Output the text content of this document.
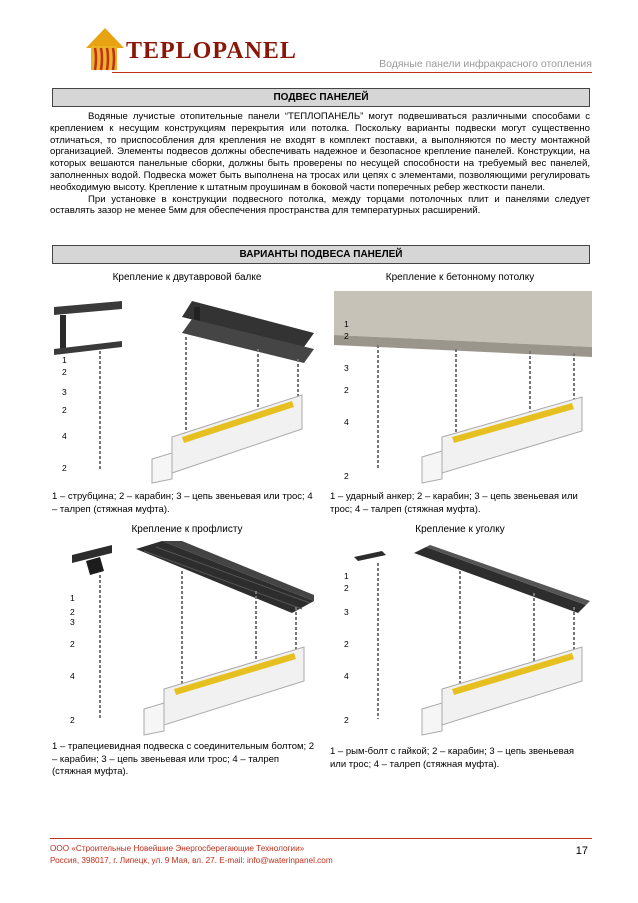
TEPLOPANEL	Водяные панели инфракрасного отопления
ПОДВЕС ПАНЕЛЕЙ

Водяные лучистые отопительные панели “ТЕПЛОПАНЕЛЬ” могут подвешиваться различными способами с креплением к несущим конструкциям перекрытия или потолка. Поскольку варианты подвески могут существенно отличаться, то приспособления для крепления не входят в комплект поставки, а выполняются по месту монтажной организацией. Элементы подвесов должны обеспечивать надежное и безопасное крепление панелей. Конструкции, на которых вешаются панельные сборки, должны быть проверены по несущей способности на требуемый вес панелей, заполненных водой. Подвеска может быть выполнена на тросах или цепях с элементами, позволяющими регулировать необходимую высоту. Крепление к штатным проушинам в боковой части поперечных ребер жесткости панели.

При установке в конструкции подвесного потолка, между торцами потолочных плит и панелями следует оставлять зазор не менее 5мм для обеспечения пространства для температурных расширений.

ВАРИАНТЫ ПОДВЕСА ПАНЕЛЕЙ
Крепление к двутавровой балке
1
2
3
2
4
2
1 – струбцина; 2 – карабин; 3 – цепь звеньевая или трос; 4 – талреп (стяжная муфта).
Крепление к бетонному потолку
1
2
3
2
4
2
1 – ударный анкер; 2 – карабин; 3 – цепь звеньевая или трос; 4 – талреп (стяжная муфта).
Крепление к профлисту
1
2
3
2
4
2
1 – трапециевидная подвеска с соединительным болтом; 2 – карабин; 3 – цепь звеньевая или трос; 4 – талреп (стяжная муфта).
Крепление к уголку
1
2
3
2
4
2
1 – рым-болт с гайкой; 2 – карабин; 3 – цепь звеньевая или трос; 4 – талреп (стяжная муфта).
ООО «Строительные Новейшие Энергосберегающие Технологии»
Россия, 398017, г. Липецк, ул. 9 Мая, вл. 27. E-mail: info@waterinpanel.com
17
